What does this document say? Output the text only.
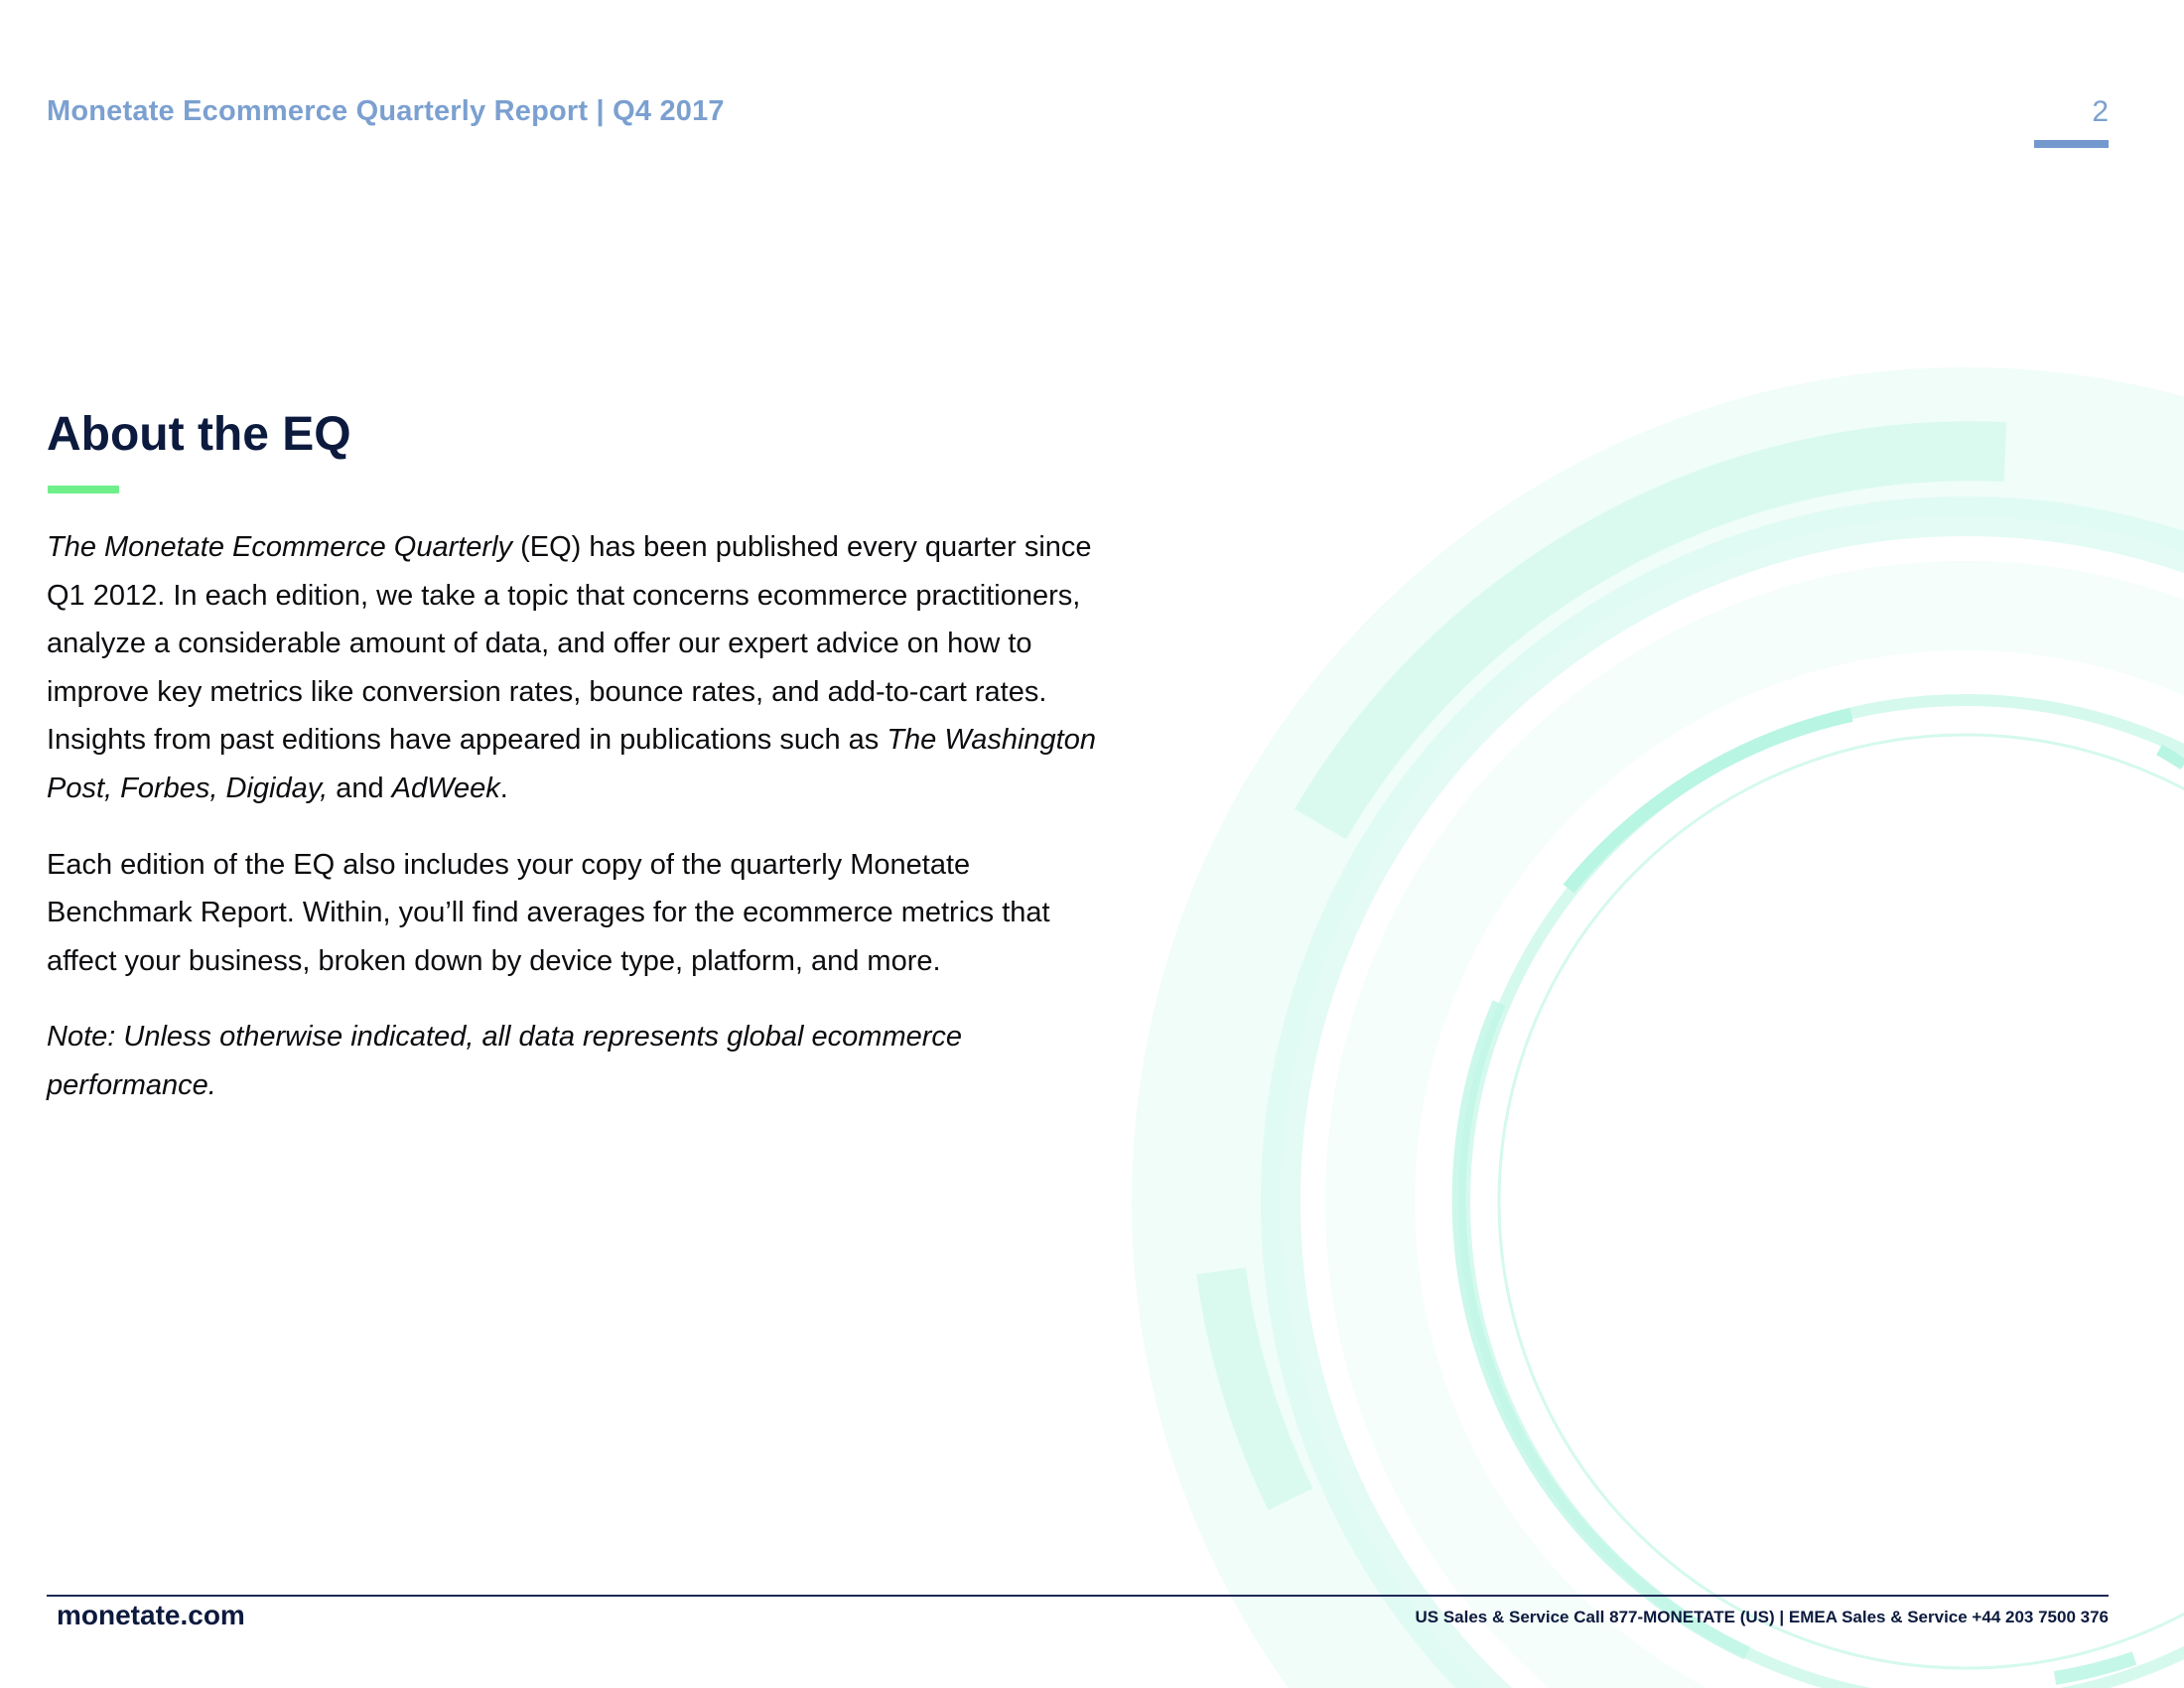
Monetate Ecommerce Quarterly Report | Q4 2017	2
About the EQ

The Monetate Ecommerce Quarterly (EQ) has been published every quarter since Q1 2012. In each edition, we take a topic that concerns ecommerce practitioners, analyze a considerable amount of data, and offer our expert advice on how to improve key metrics like conversion rates, bounce rates, and add-to-cart rates. Insights from past editions have appeared in publications such as The Washington Post, Forbes, Digiday, and AdWeek.

Each edition of the EQ also includes your copy of the quarterly Monetate Benchmark Report. Within, you’ll find averages for the ecommerce metrics that affect your business, broken down by device type, platform, and more.

Note: Unless otherwise indicated, all data represents global ecommerce performance.

monetate.com	US Sales & Service Call 877-MONETATE (US) | EMEA Sales & Service +44 203 7500 376
